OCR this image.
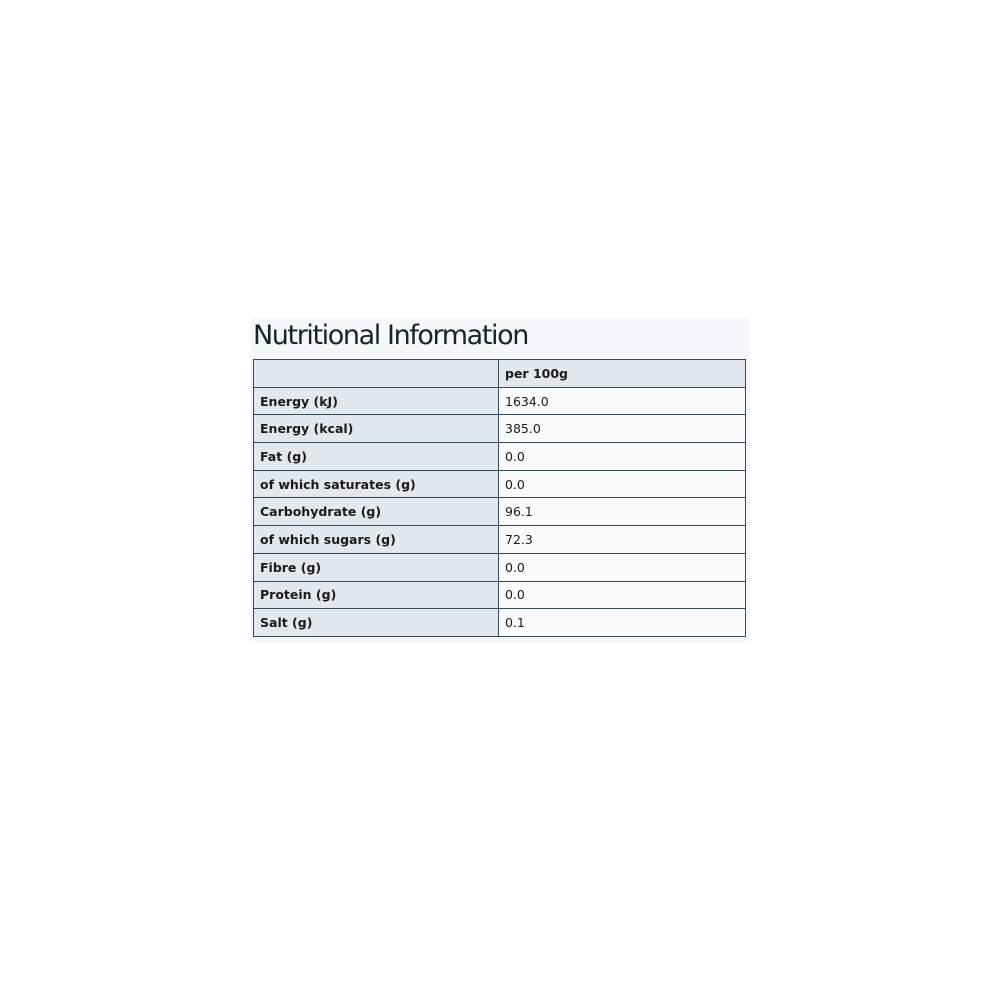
Nutritional Information
	per 100g
Energy (kJ)	1634.0
Energy (kcal)	385.0
Fat (g)	0.0
of which saturates (g)	0.0
Carbohydrate (g)	96.1
of which sugars (g)	72.3
Fibre (g)	0.0
Protein (g)	0.0
Salt (g)	0.1
